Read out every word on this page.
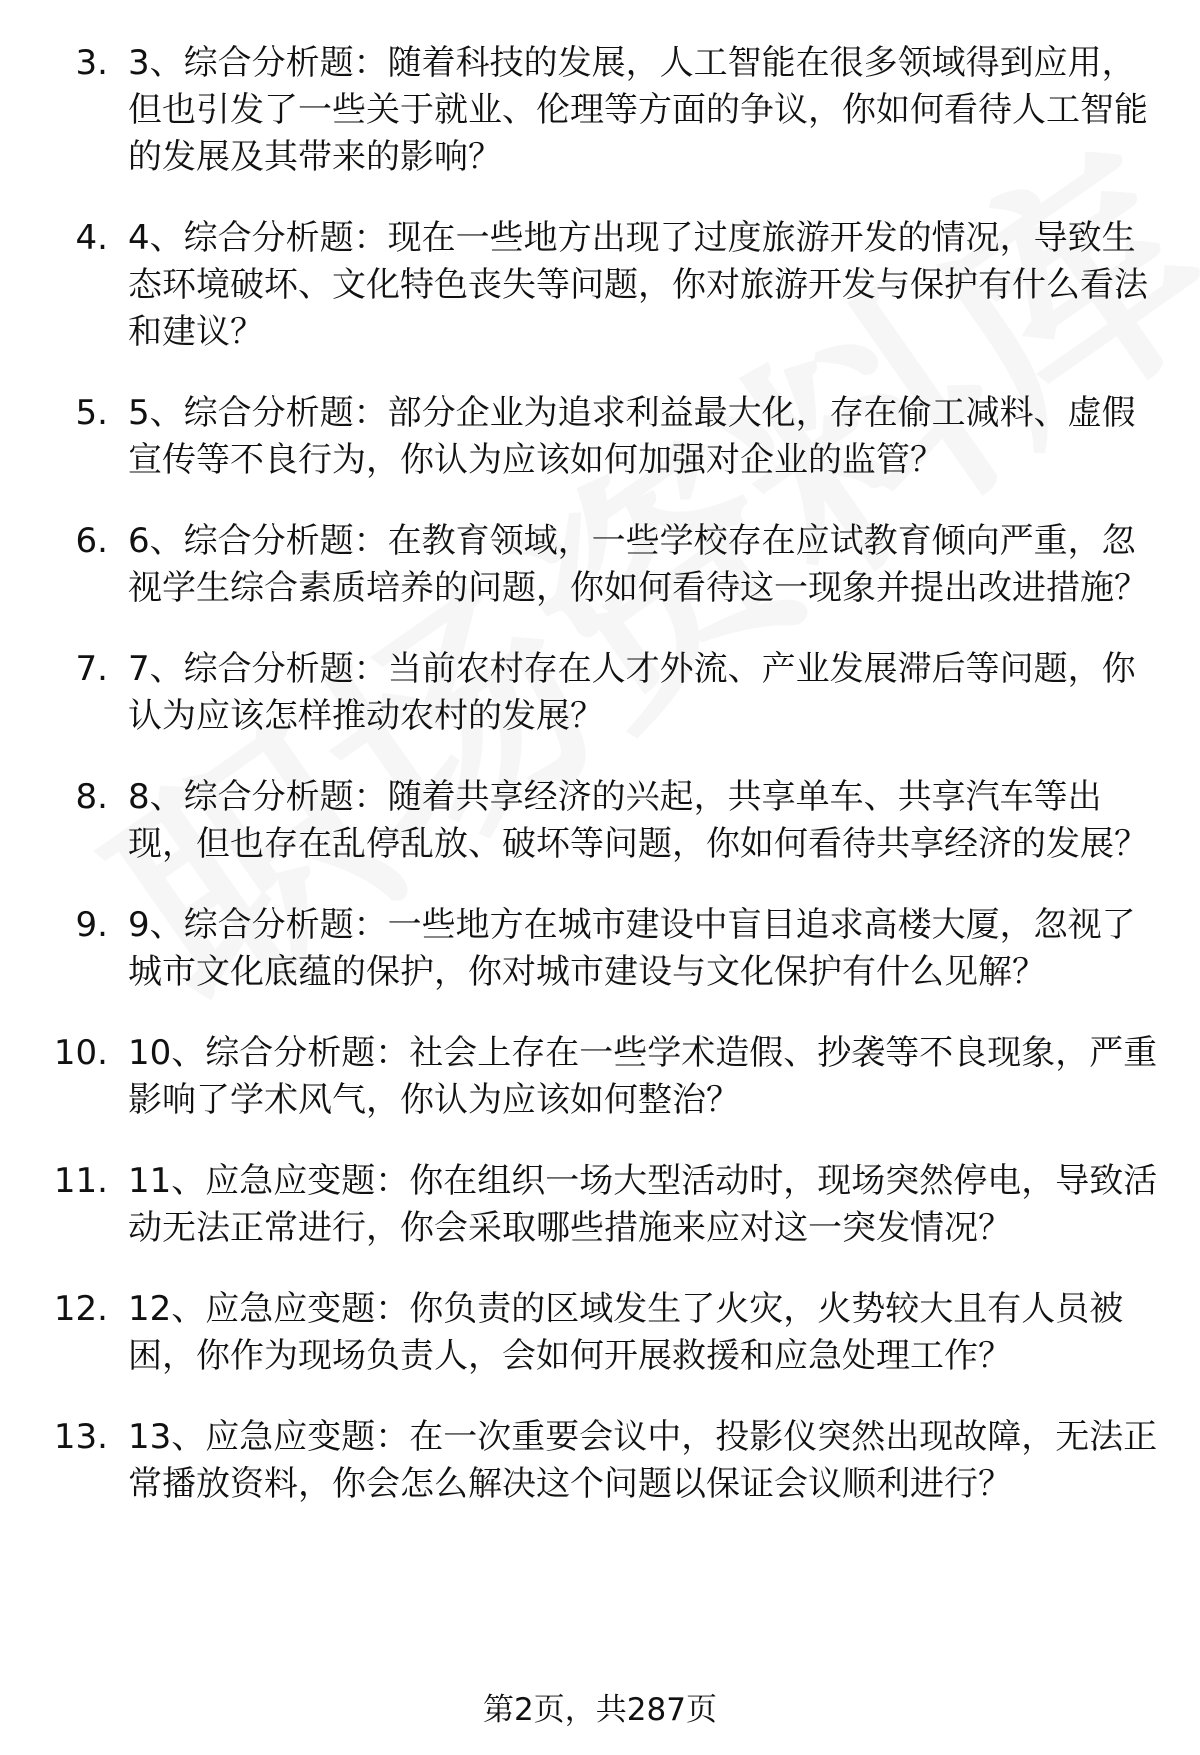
3. 3、综合分析题：随着科技的发展，人工智能在很多领域得到应用，但也引发了一些关于就业、伦理等方面的争议，你如何看待人工智能的发展及其带来的影响？
4. 4、综合分析题：现在一些地方出现了过度旅游开发的情况，导致生态环境破坏、文化特色丧失等问题，你对旅游开发与保护有什么看法和建议？
5. 5、综合分析题：部分企业为追求利益最大化，存在偷工减料、虚假宣传等不良行为，你认为应该如何加强对企业的监管？
6. 6、综合分析题：在教育领域，一些学校存在应试教育倾向严重，忽视学生综合素质培养的问题，你如何看待这一现象并提出改进措施？
7. 7、综合分析题：当前农村存在人才外流、产业发展滞后等问题，你认为应该怎样推动农村的发展？
8. 8、综合分析题：随着共享经济的兴起，共享单车、共享汽车等出现，但也存在乱停乱放、破坏等问题，你如何看待共享经济的发展？
9. 9、综合分析题：一些地方在城市建设中盲目追求高楼大厦，忽视了城市文化底蕴的保护，你对城市建设与文化保护有什么见解？
10. 10、综合分析题：社会上存在一些学术造假、抄袭等不良现象，严重影响了学术风气，你认为应该如何整治？
11. 11、应急应变题：你在组织一场大型活动时，现场突然停电，导致活动无法正常进行，你会采取哪些措施来应对这一突发情况？
12. 12、应急应变题：你负责的区域发生了火灾，火势较大且有人员被困，你作为现场负责人，会如何开展救援和应急处理工作？
13. 13、应急应变题：在一次重要会议中，投影仪突然出现故障，无法正常播放资料，你会怎么解决这个问题以保证会议顺利进行？
第2页，共287页
